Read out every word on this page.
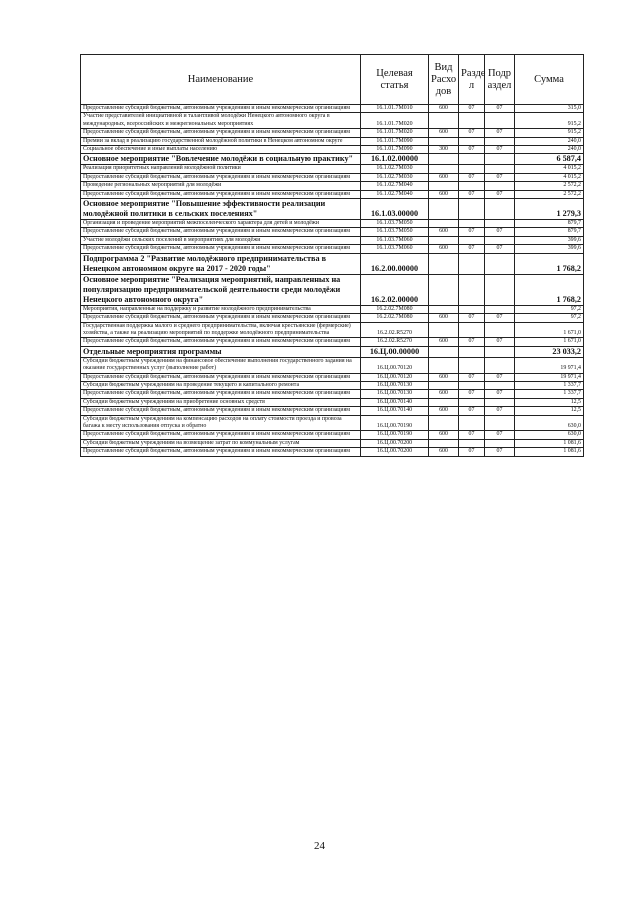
Наименование	Целевая статья	Вид Расхо дов	Разде л	Подр аздел	Сумма
Предоставление субсидий бюджетным, автономным учреждениям и иным некоммерческим организациям	16.1.01.7М010	600	07	07	315,0
Участие представителей инициативной и талантливой молодёжи Ненецкого автономного округа в международных, всероссийских и межрегиональных мероприятиях	16.1.01.7М020				915,2
Предоставление субсидий бюджетным, автономным учреждениям и иным некоммерческим организациям	16.1.01.7М020	600	07	07	915,2
Премии за вклад в реализацию государственной молодёжной политики в Ненецком автономном округе	16.1.01.7М090				240,0
Социальное обеспечение и иные выплаты населению	16.1.01.7М090	300	07	07	240,0
Основное мероприятие "Вовлечение молодёжи в социальную практику"	16.1.02.00000				6 587,4
Реализация приоритетных направлений молодёжной политики	16.1.02.7М030				4 015,2
Предоставление субсидий бюджетным, автономным учреждениям и иным некоммерческим организациям	16.1.02.7М030	600	07	07	4 015,2
Проведение региональных мероприятий для молодёжи	16.1.02.7М040				2 572,2
Предоставление субсидий бюджетным, автономным учреждениям и иным некоммерческим организациям	16.1.02.7М040	600	07	07	2 572,2
Основное мероприятие "Повышение эффективности реализации молодёжной политики в сельских поселениях"	16.1.03.00000				1 279,3
Организация и проведение мероприятий межпоселенческого характера для детей и молодёжи	16.1.03.7М050				879,7
Предоставление субсидий бюджетным, автономным учреждениям и иным некоммерческим организациям	16.1.03.7М050	600	07	07	879,7
Участие молодёжи сельских поселений в мероприятиях для молодёжи	16.1.03.7М060				399,6
Предоставление субсидий бюджетным, автономным учреждениям и иным некоммерческим организациям	16.1.03.7М060	600	07	07	399,6
Подпрограмма 2 "Развитие молодёжного предпринимательства в Ненецком автономном округе на 2017 - 2020 годы"	16.2.00.00000				1 768,2
Основное мероприятие "Реализация мероприятий, направленных на популяризацию предпринимательской деятельности среди молодёжи Ненецкого автономного округа"	16.2.02.00000				1 768,2
Мероприятия, направленные на поддержку и развитие молодёжного предпринимательства	16.2.02.7М080				97,2
Предоставление субсидий бюджетным, автономным учреждениям и иным некоммерческим организациям	16.2.02.7М080	600	07	07	97,2
Государственная поддержка малого и среднего предпринимательства, включая крестьянские (фермерские) хозяйства, а также на реализацию мероприятий по поддержке молодёжного предпринимательства	16.2.02.R5270				1 671,0
Предоставление субсидий бюджетным, автономным учреждениям и иным некоммерческим организациям	16.2.02.R5270	600	07	07	1 671,0
Отдельные мероприятия программы	16.Ц.00.00000				23 033,2
Субсидии бюджетным учреждениям на финансовое обеспечение выполнения государственного задания на оказание государственных услуг (выполнение работ)	16.Ц.00.70120				19 971,4
Предоставление субсидий бюджетным, автономным учреждениям и иным некоммерческим организациям	16.Ц.00.70120	600	07	07	19 971,4
Субсидии бюджетным учреждениям на проведение текущего и капитального ремонта	16.Ц.00.70130				1 337,7
Предоставление субсидий бюджетным, автономным учреждениям и иным некоммерческим организациям	16.Ц.00.70130	600	07	07	1 337,7
Субсидии бюджетным учреждениям на приобретение основных средств	16.Ц.00.70140				12,5
Предоставление субсидий бюджетным, автономным учреждениям и иным некоммерческим организациям	16.Ц.00.70140	600	07	07	12,5
Субсидии бюджетным учреждениям на компенсацию расходов на оплату стоимости проезда и провоза багажа к месту использования отпуска и обратно	16.Ц.00.70190				630,0
Предоставление субсидий бюджетным, автономным учреждениям и иным некоммерческим организациям	16.Ц.00.70190	600	07	07	630,0
Субсидии бюджетным учреждениям на возмещение затрат по коммунальным услугам	16.Ц.00.70200				1 081,6
Предоставление субсидий бюджетным, автономным учреждениям и иным некоммерческим организациям	16.Ц.00.70200	600	07	07	1 081,6
24
